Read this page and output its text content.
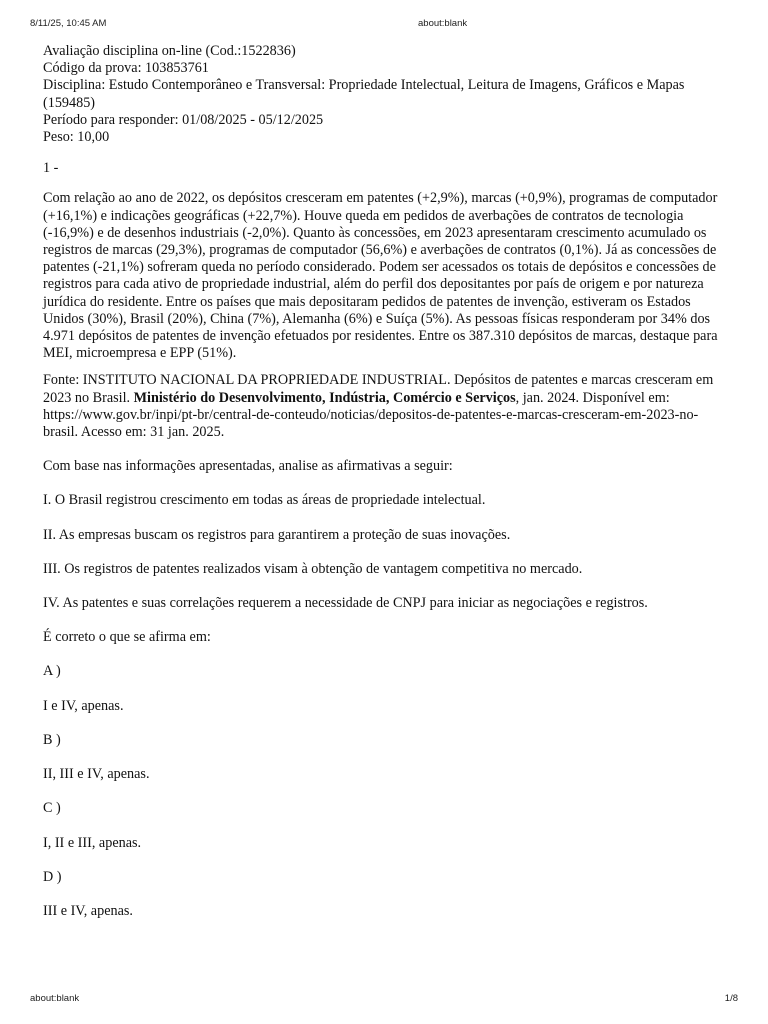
8/11/25, 10:45 AM	about:blank

Avaliação disciplina on-line (Cod.:1522836)

Código da prova: 103853761

Disciplina: Estudo Contemporâneo e Transversal: Propriedade Intelectual, Leitura de Imagens, Gráficos e Mapas (159485)

Período para responder: 01/08/2025 - 05/12/2025

Peso: 10,00

1 -

Com relação ao ano de 2022, os depósitos cresceram em patentes (+2,9%), marcas (+0,9%), programas de computador (+16,1%) e indicações geográficas (+22,7%). Houve queda em pedidos de averbações de contratos de tecnologia (-16,9%) e de desenhos industriais (-2,0%). Quanto às concessões, em 2023 apresentaram crescimento acumulado os registros de marcas (29,3%), programas de computador (56,6%) e averbações de contratos (0,1%). Já as concessões de patentes (-21,1%) sofreram queda no período considerado. Podem ser acessados os totais de depósitos e concessões de registros para cada ativo de propriedade industrial, além do perfil dos depositantes por país de origem e por natureza jurídica do residente. Entre os países que mais depositaram pedidos de patentes de invenção, estiveram os Estados Unidos (30%), Brasil (20%), China (7%), Alemanha (6%) e Suíça (5%). As pessoas físicas responderam por 34% dos 4.971 depósitos de patentes de invenção efetuados por residentes. Entre os 387.310 depósitos de marcas, destaque para MEI, microempresa e EPP (51%).

Fonte: INSTITUTO NACIONAL DA PROPRIEDADE INDUSTRIAL. Depósitos de patentes e marcas cresceram em 2023 no Brasil. Ministério do Desenvolvimento, Indústria, Comércio e Serviços, jan. 2024. Disponível em: https://www.gov.br/inpi/pt-br/central-de-conteudo/noticias/depositos-de-patentes-e-marcas-cresceram-em-2023-no-brasil. Acesso em: 31 jan. 2025.

Com base nas informações apresentadas, analise as afirmativas a seguir:

I. O Brasil registrou crescimento em todas as áreas de propriedade intelectual.

II. As empresas buscam os registros para garantirem a proteção de suas inovações.

III. Os registros de patentes realizados visam à obtenção de vantagem competitiva no mercado.

IV. As patentes e suas correlações requerem a necessidade de CNPJ para iniciar as negociações e registros.

É correto o que se afirma em:

A )

I e IV, apenas.

B )

II, III e IV, apenas.

C )

I, II e III, apenas.

D )

III e IV, apenas.

about:blank	1/8
